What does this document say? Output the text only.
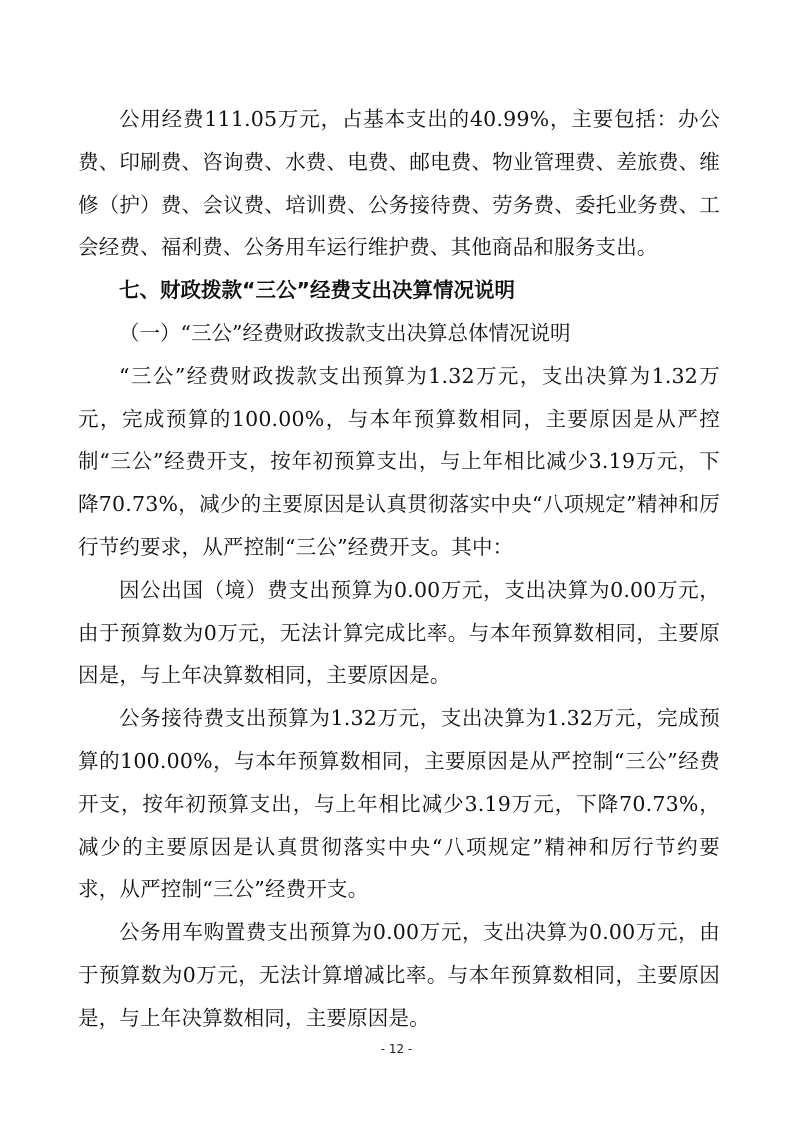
公用经费111.05万元，占基本支出的40.99%，主要包括：办公费、印刷费、咨询费、水费、电费、邮电费、物业管理费、差旅费、维修（护）费、会议费、培训费、公务接待费、劳务费、委托业务费、工会经费、福利费、公务用车运行维护费、其他商品和服务支出。

七、财政拨款“三公”经费支出决算情况说明

（一）“三公”经费财政拨款支出决算总体情况说明

“三公”经费财政拨款支出预算为1.32万元，支出决算为1.32万元，完成预算的100.00%，与本年预算数相同，主要原因是从严控制“三公”经费开支，按年初预算支出，与上年相比减少3.19万元，下降70.73%，减少的主要原因是认真贯彻落实中央“八项规定”精神和厉行节约要求，从严控制“三公”经费开支。其中：

因公出国（境）费支出预算为0.00万元，支出决算为0.00万元，由于预算数为0万元，无法计算完成比率。与本年预算数相同，主要原因是，与上年决算数相同，主要原因是。

公务接待费支出预算为1.32万元，支出决算为1.32万元，完成预算的100.00%，与本年预算数相同，主要原因是从严控制“三公”经费开支，按年初预算支出，与上年相比减少3.19万元，下降70.73%，减少的主要原因是认真贯彻落实中央“八项规定”精神和厉行节约要求，从严控制“三公”经费开支。

公务用车购置费支出预算为0.00万元，支出决算为0.00万元，由于预算数为0万元，无法计算增减比率。与本年预算数相同，主要原因是，与上年决算数相同，主要原因是。

- 12 -
